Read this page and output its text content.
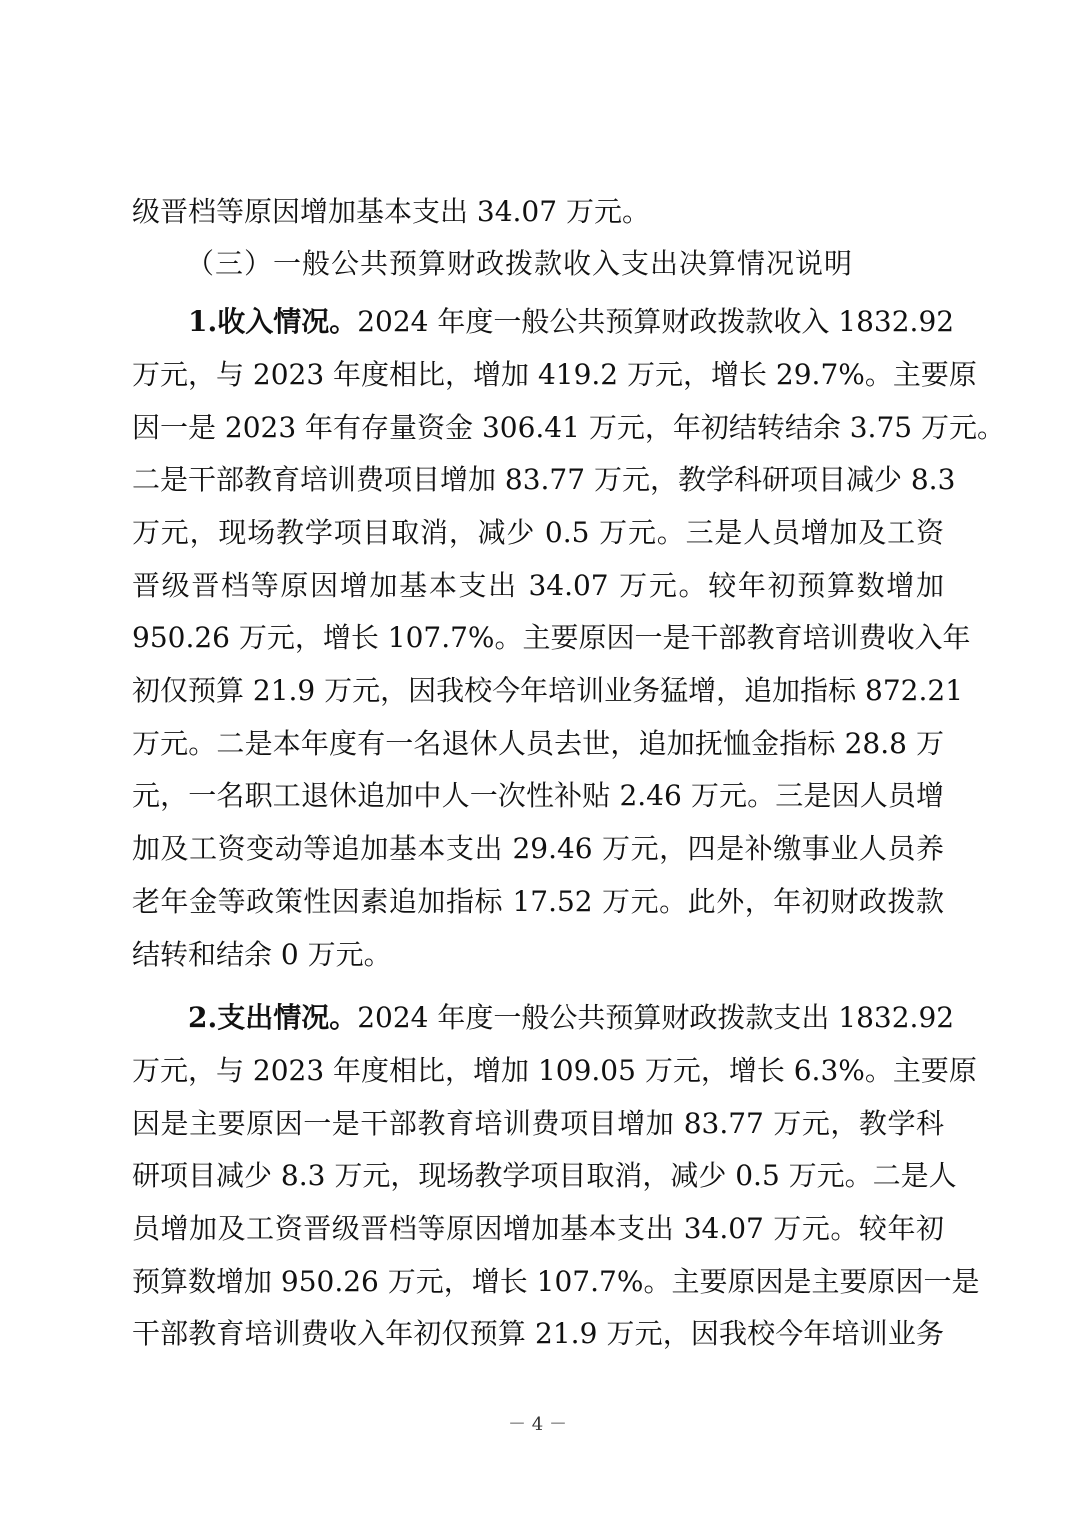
级晋档等原因增加基本支出 34.07 万元。
（三）一般公共预算财政拨款收入支出决算情况说明
1.收入情况。2024 年度一般公共预算财政拨款收入 1832.92
万元，与 2023 年度相比，增加 419.2 万元，增长 29.7%。主要原
因一是 2023 年有存量资金 306.41 万元，年初结转结余 3.75 万元。
二是干部教育培训费项目增加 83.77 万元，教学科研项目减少 8.3
万元，现场教学项目取消，减少 0.5 万元。三是人员增加及工资
晋级晋档等原因增加基本支出 34.07 万元。较年初预算数增加
950.26 万元，增长 107.7%。主要原因一是干部教育培训费收入年
初仅预算 21.9 万元，因我校今年培训业务猛增，追加指标 872.21
万元。二是本年度有一名退休人员去世，追加抚恤金指标 28.8 万
元，一名职工退休追加中人一次性补贴 2.46 万元。三是因人员增
加及工资变动等追加基本支出 29.46 万元，四是补缴事业人员养
老年金等政策性因素追加指标 17.52 万元。此外，年初财政拨款
结转和结余 0 万元。
2.支出情况。2024 年度一般公共预算财政拨款支出 1832.92
万元，与 2023 年度相比，增加 109.05 万元，增长 6.3%。主要原
因是主要原因一是干部教育培训费项目增加 83.77 万元，教学科
研项目减少 8.3 万元，现场教学项目取消，减少 0.5 万元。二是人
员增加及工资晋级晋档等原因增加基本支出 34.07 万元。较年初
预算数增加 950.26 万元，增长 107.7%。主要原因是主要原因一是
干部教育培训费收入年初仅预算 21.9 万元，因我校今年培训业务
－ 4 －
